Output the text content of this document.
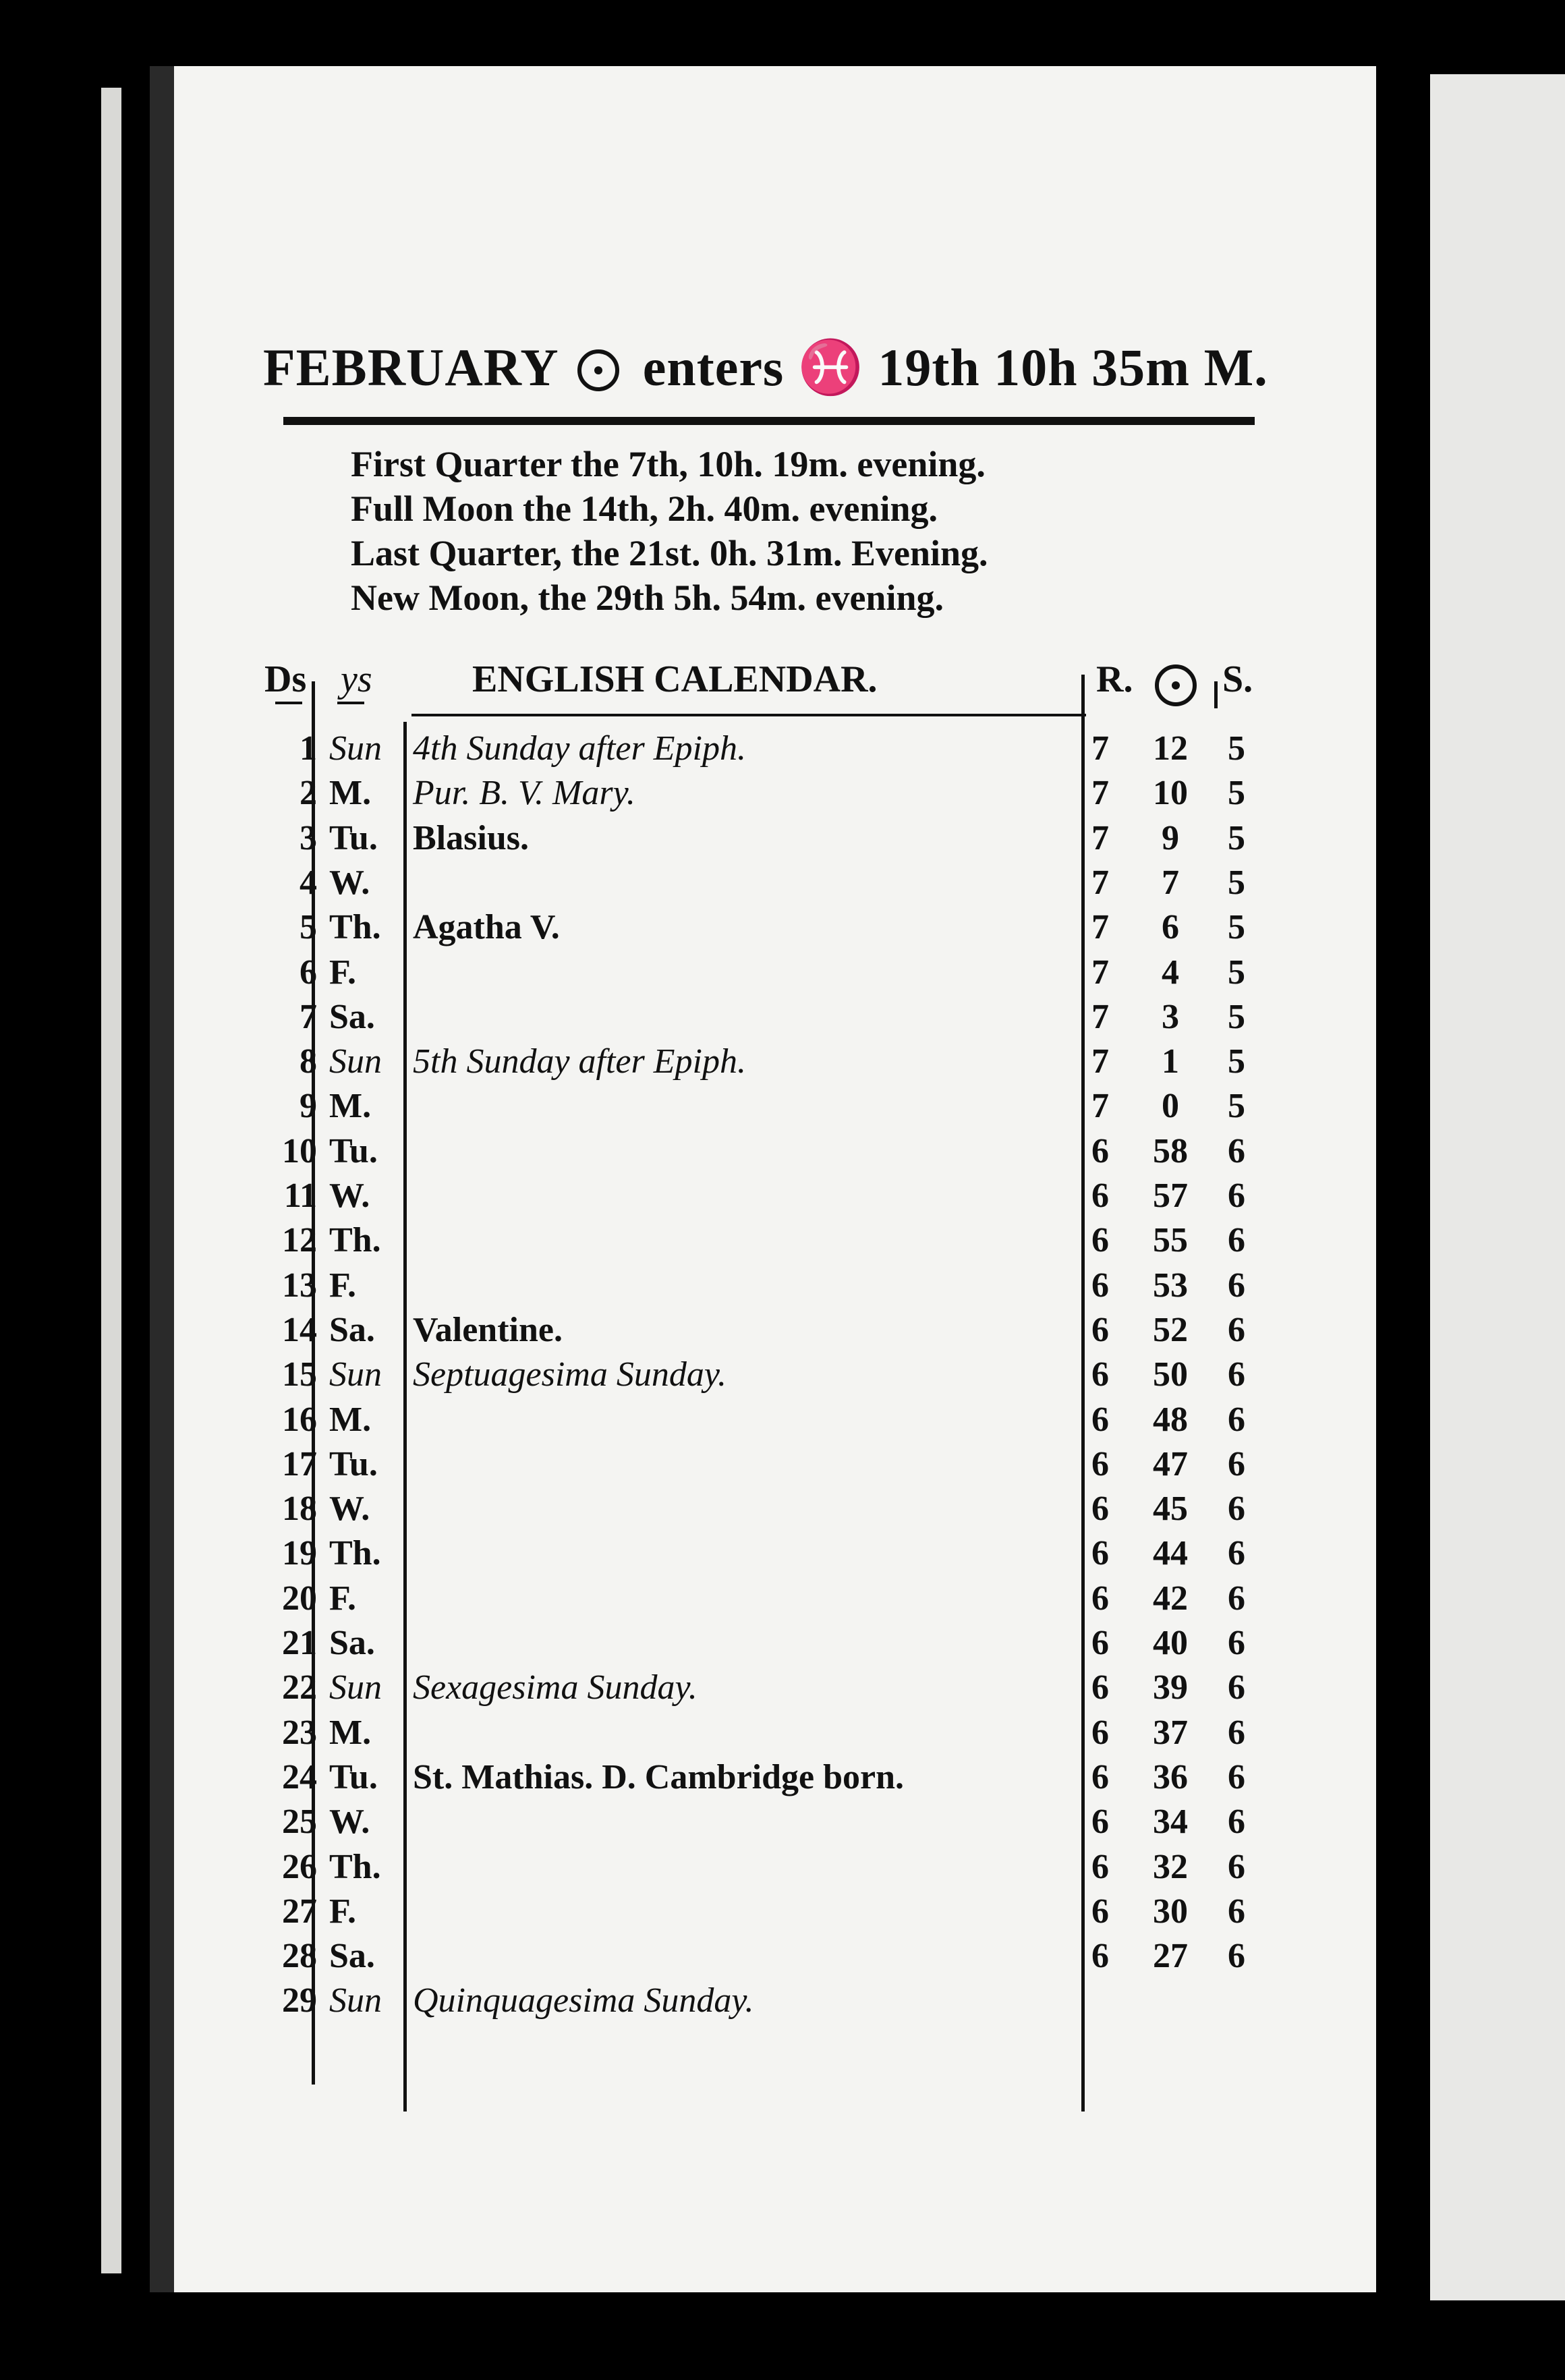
FEBRUARY enters ♓ 19th 10h 35m M.
First Quarter the 7th, 10h. 19m. evening.
Full Moon the 14th, 2h. 40m. evening.
Last Quarter, the 21st. 0h. 31m. Evening.
New Moon, the 29th 5h. 54m. evening.
Ds ys	ENGLISH CALENDAR.	R. S.
1 Sun 4th Sunday after Epiph.	7	12	5
2 M. Pur. B. V. Mary.	7	10	5
3 Tu. Blasius.	7	9	5
4 W.	7	7	5
5 Th. Agatha V.	7	6	5
6 F.	7	4	5
7 Sa.	7	3	5
8 Sun 5th Sunday after Epiph.	7	1	5
9 M.	7	0	5
10 Tu.	6	58	6
11 W.	6	57	6
12 Th.	6	55	6
13 F.	6	53	6
14 Sa. Valentine.	6	52	6
15 Sun Septuagesima Sunday.	6	50	6
16 M.	6	48	6
17 Tu.	6	47	6
18 W.	6	45	6
19 Th.	6	44	6
20 F.	6	42	6
21 Sa.	6	40	6
22 Sun Sexagesima Sunday.	6	39	6
23 M.	6	37	6
24 Tu. St. Mathias. D. Cambridge born.	6	36	6
25 W.	6	34	6
26 Th.	6	32	6
27 F.	6	30	6
28 Sa.	6	27	6
29 Sun Quinquagesima Sunday.
